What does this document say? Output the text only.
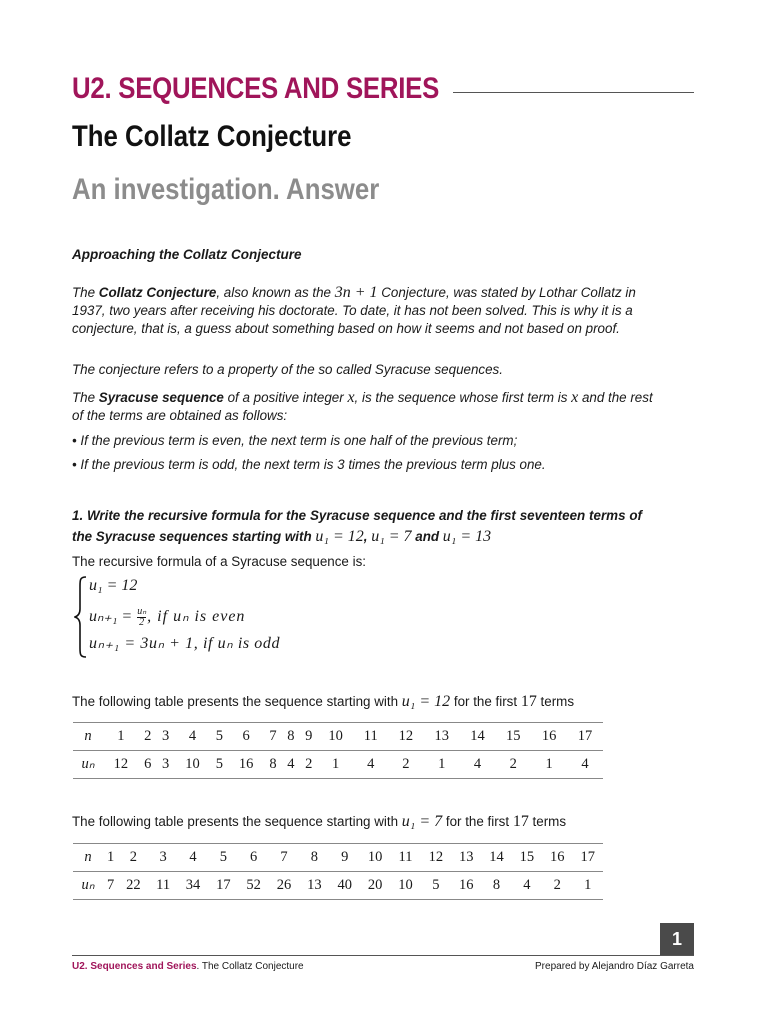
U2. SEQUENCES AND SERIES
The Collatz Conjecture
An investigation. Answer
Approaching the Collatz Conjecture
The Collatz Conjecture, also known as the 3n + 1 Conjecture, was stated by Lothar Collatz in 1937, two years after receiving his doctorate. To date, it has not been solved. This is why it is a conjecture, that is, a guess about something based on how it seems and not based on proof.
The conjecture refers to a property of the so called Syracuse sequences.
The Syracuse sequence of a positive integer x, is the sequence whose first term is x and the rest of the terms are obtained as follows:
• If the previous term is even, the next term is one half of the previous term;
• If the previous term is odd, the next term is 3 times the previous term plus one.
1. Write the recursive formula for the Syracuse sequence and the first seventeen terms of the Syracuse sequences starting with u₁ = 12, u₁ = 7 and u₁ = 13
The recursive formula of a Syracuse sequence is:
u₁ = 12
$u_{n+1} = \frac{\text{uₙ}}{2}$ , if uₙ is even
uₙ₊₁ = 3uₙ + 1, if uₙ is odd
The following table presents the sequence starting with u₁ = 12 for the first 17 terms
n	1	2	3	4	5	6	7	8	9	10	11	12	13	14	15	16	17
uₙ	12	6	3	10	5	16	8	4	2	1	4	2	1	4	2	1	4
The following table presents the sequence starting with u₁ = 7 for the first 17 terms
n	1	2	3	4	5	6	7	8	9	10	11	12	13	14	15	16	17
uₙ	7	22	11	34	17	52	26	13	40	20	10	5	16	8	4	2	1
1
U2. Sequences and Series. The Collatz Conjecture	Prepared by Alejandro Díaz Garreta
